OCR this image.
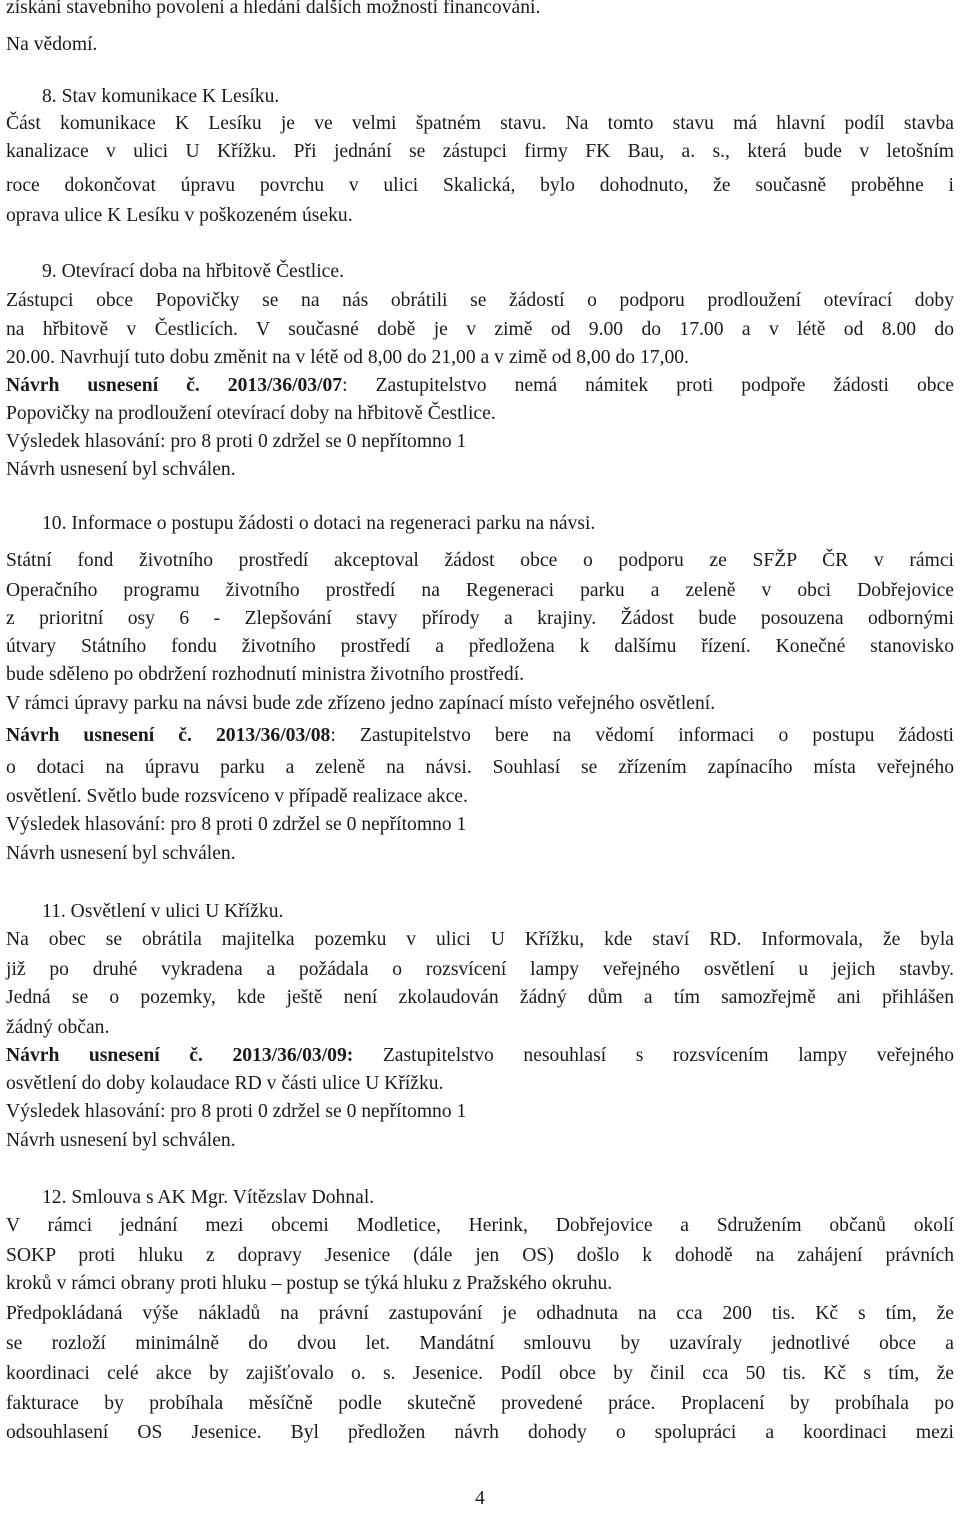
získání stavebního povolení a hledání dalších možností financování.
Na vědomí.
8. Stav komunikace K Lesíku.
Část komunikace K Lesíku je ve velmi špatném stavu. Na tomto stavu má hlavní podíl stavba
kanalizace v ulici U Křížku. Při jednání se zástupci firmy FK Bau, a. s., která bude v letošním
roce dokončovat úpravu povrchu v ulici Skalická, bylo dohodnuto, že současně proběhne i
oprava ulice K Lesíku v poškozeném úseku.
9. Otevírací doba na hřbitově Čestlice.
Zástupci obce Popovičky se na nás obrátili se žádostí o podporu prodloužení otevírací doby
na hřbitově v Čestlicích. V současné době je v zimě od 9.00 do 17.00 a v létě od 8.00 do
20.00. Navrhují tuto dobu změnit na v létě od 8,00 do 21,00 a v zimě od 8,00 do 17,00.
Návrh usnesení č. 2013/36/03/07: Zastupitelstvo nemá námitek proti podpoře žádosti obce
Popovičky na prodloužení otevírací doby na hřbitově Čestlice.
Výsledek hlasování: pro 8 proti 0 zdržel se 0 nepřítomno 1
Návrh usnesení byl schválen.
10. Informace o postupu žádosti o dotaci na regeneraci parku na návsi.
Státní fond životního prostředí akceptoval žádost obce o podporu ze SFŽP ČR v rámci
Operačního programu životního prostředí na Regeneraci parku a zeleně v obci Dobřejovice
z prioritní osy 6 - Zlepšování stavy přírody a krajiny. Žádost bude posouzena odbornými
útvary Státního fondu životního prostředí a předložena k dalšímu řízení. Konečné stanovisko
bude sděleno po obdržení rozhodnutí ministra životního prostředí.
V rámci úpravy parku na návsi bude zde zřízeno jedno zapínací místo veřejného osvětlení.
Návrh usnesení č. 2013/36/03/08: Zastupitelstvo bere na vědomí informaci o postupu žádosti
o dotaci na úpravu parku a zeleně na návsi. Souhlasí se zřízením zapínacího místa veřejného
osvětlení. Světlo bude rozsvíceno v případě realizace akce.
Výsledek hlasování: pro 8 proti 0 zdržel se 0 nepřítomno 1
Návrh usnesení byl schválen.
11. Osvětlení v ulici U Křížku.
Na obec se obrátila majitelka pozemku v ulici U Křížku, kde staví RD. Informovala, že byla
již po druhé vykradena a požádala o rozsvícení lampy veřejného osvětlení u jejich stavby.
Jedná se o pozemky, kde ještě není zkolaudován žádný dům a tím samozřejmě ani přihlášen
žádný občan.
Návrh usnesení č. 2013/36/03/09: Zastupitelstvo nesouhlasí s rozsvícením lampy veřejného
osvětlení do doby kolaudace RD v části ulice U Křížku.
Výsledek hlasování: pro 8 proti 0 zdržel se 0 nepřítomno 1
Návrh usnesení byl schválen.
12. Smlouva s AK Mgr. Vítězslav Dohnal.
V rámci jednání mezi obcemi Modletice, Herink, Dobřejovice a Sdružením občanů okolí
SOKP proti hluku z dopravy Jesenice (dále jen OS) došlo k dohodě na zahájení právních
kroků v rámci obrany proti hluku – postup se týká hluku z Pražského okruhu.
Předpokládaná výše nákladů na právní zastupování je odhadnuta na cca 200 tis. Kč s tím, že
se rozloží minimálně do dvou let. Mandátní smlouvu by uzavíraly jednotlivé obce a
koordinaci celé akce by zajišťovalo o. s. Jesenice. Podíl obce by činil cca 50 tis. Kč s tím, že
fakturace by probíhala měsíčně podle skutečně provedené práce. Proplacení by probíhala po
odsouhlasení OS Jesenice. Byl předložen návrh dohody o spolupráci a koordinaci mezi
4
